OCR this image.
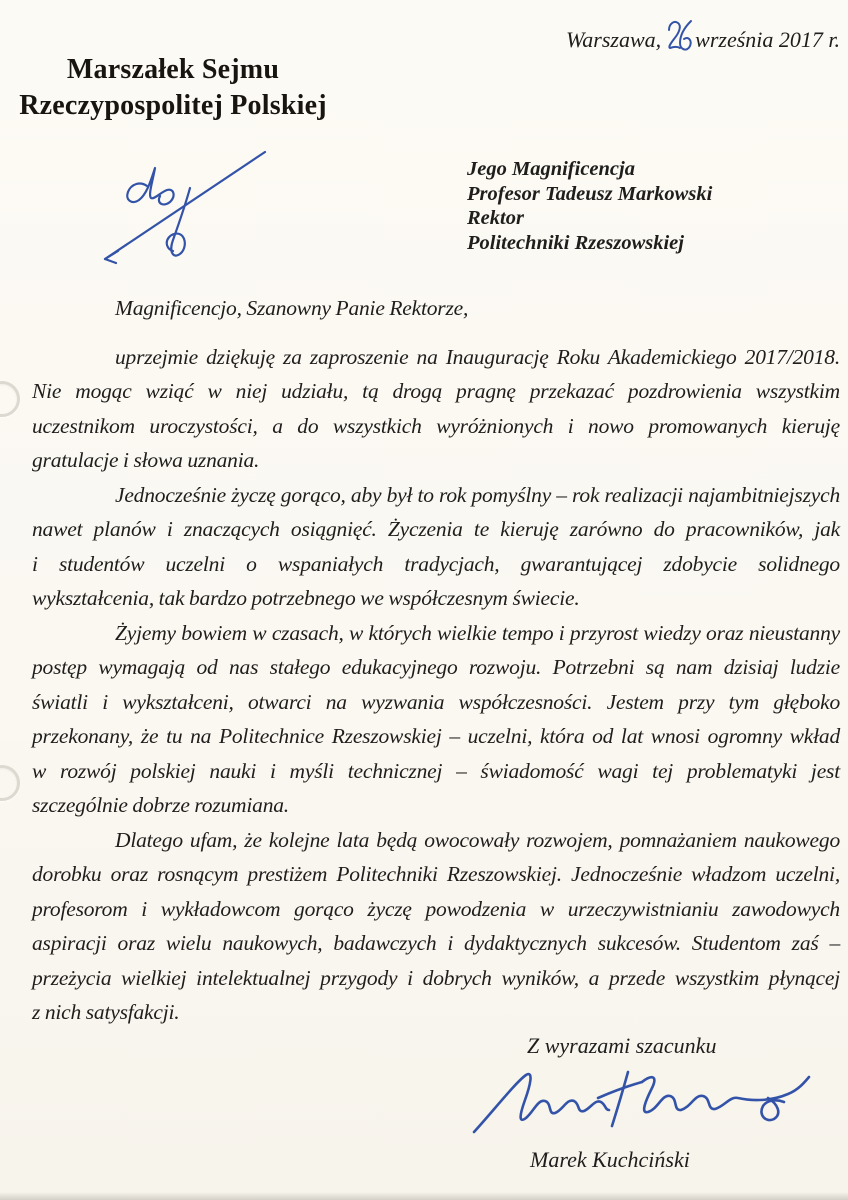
Warszawa, września 2017 r.
Marszałek Sejmu
Rzeczypospolitej Polskiej
Jego Magnificencja
Profesor Tadeusz Markowski
Rektor
Politechniki Rzeszowskiej
Magnificencjo, Szanowny Panie Rektorze,
uprzejmie dziękuję za zaproszenie na Inaugurację Roku Akademickiego 2017/2018.
Nie mogąc wziąć w niej udziału, tą drogą pragnę przekazać pozdrowienia wszystkim
uczestnikom uroczystości, a do wszystkich wyróżnionych i nowo promowanych kieruję
gratulacje i słowa uznania.
Jednocześnie życzę gorąco, aby był to rok pomyślny – rok realizacji najambitniejszych
nawet planów i znaczących osiągnięć. Życzenia te kieruję zarówno do pracowników, jak
i studentów uczelni o wspaniałych tradycjach, gwarantującej zdobycie solidnego
wykształcenia, tak bardzo potrzebnego we współczesnym świecie.
Żyjemy bowiem w czasach, w których wielkie tempo i przyrost wiedzy oraz nieustanny
postęp wymagają od nas stałego edukacyjnego rozwoju. Potrzebni są nam dzisiaj ludzie
światli i wykształceni, otwarci na wyzwania współczesności. Jestem przy tym głęboko
przekonany, że tu na Politechnice Rzeszowskiej – uczelni, która od lat wnosi ogromny wkład
w rozwój polskiej nauki i myśli technicznej – świadomość wagi tej problematyki jest
szczególnie dobrze rozumiana.
Dlatego ufam, że kolejne lata będą owocowały rozwojem, pomnażaniem naukowego
dorobku oraz rosnącym prestiżem Politechniki Rzeszowskiej. Jednocześnie władzom uczelni,
profesorom i wykładowcom gorąco życzę powodzenia w urzeczywistnianiu zawodowych
aspiracji oraz wielu naukowych, badawczych i dydaktycznych sukcesów. Studentom zaś –
przeżycia wielkiej intelektualnej przygody i dobrych wyników, a przede wszystkim płynącej
z nich satysfakcji.
Z wyrazami szacunku
Marek Kuchciński
